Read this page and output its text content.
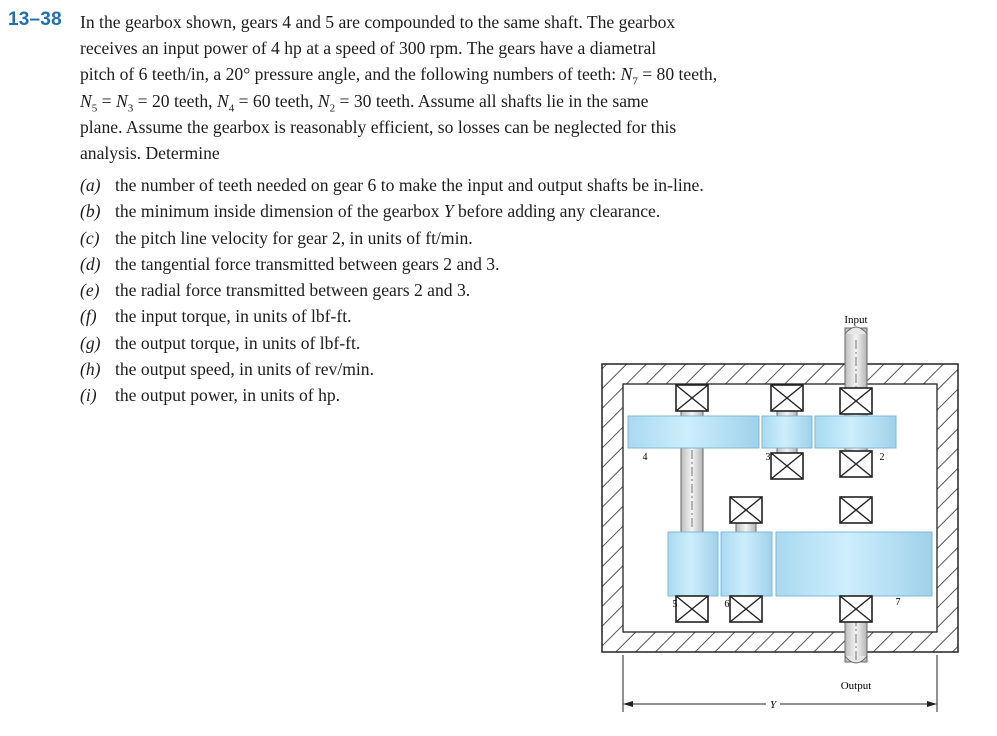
13–38 In the gearbox shown, gears 4 and 5 are compounded to the same shaft. The gearbox

receives an input power of 4 hp at a speed of 300 rpm. The gears have a diametral

pitch of 6 teeth/in, a 20° pressure angle, and the following numbers of teeth: $N_7 = 80$ teeth,

$N_5 = N_3 = 20$ teeth, $N_4 = 60$ teeth, $N_2 = 30$ teeth. Assume all shafts lie in the same

plane. Assume the gearbox is reasonably efficient, so losses can be neglected for this

analysis. Determine

(a) the number of teeth needed on gear 6 to make the input and output shafts be in-line.
(b) the minimum inside dimension of the gearbox Y before adding any clearance.
(c) the pitch line velocity for gear 2, in units of ft/min.
(d) the tangential force transmitted between gears 2 and 3.
(e) the radial force transmitted between gears 2 and 3.
(f) the input torque, in units of lbf-ft.
(g) the output torque, in units of lbf-ft.
(h) the output speed, in units of rev/min.
(i) the output power, in units of hp.
Input
Output
4	3	2
5	6	7
Y
